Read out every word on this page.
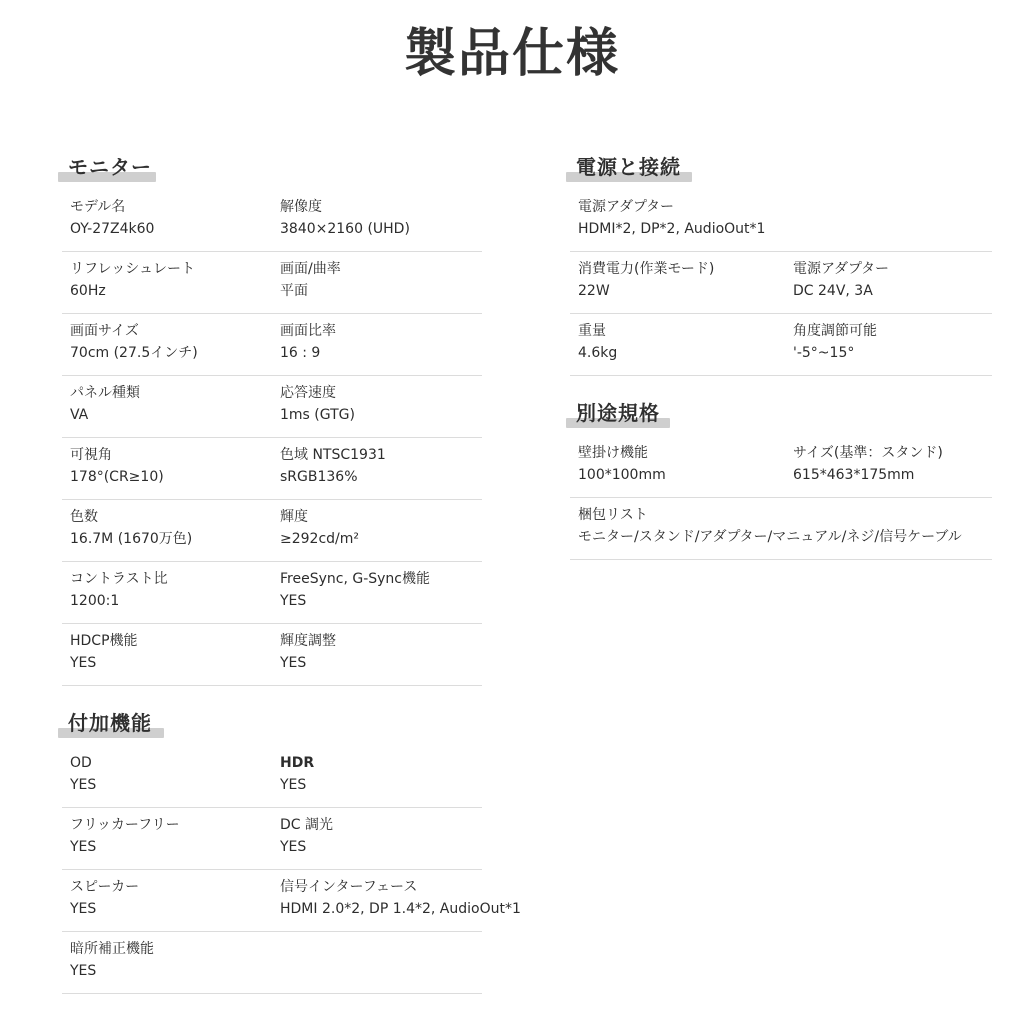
製品仕様
モニター
モデル名
OY-27Z4k60
解像度
3840×2160 (UHD)
リフレッシュレート
60Hz
画面/曲率
平面
画面サイズ
70cm (27.5インチ)
画面比率
16 : 9
パネル種類
VA
応答速度
1ms (GTG)
可視角
178°(CR≥10)
色域 NTSC1931
sRGB136%
色数
16.7M (1670万色)
輝度
≥292cd/m²
コントラスト比
1200:1
FreeSync, G-Sync機能
YES
HDCP機能
YES
輝度調整
YES
付加機能
OD
YES
HDR
YES
フリッカーフリー
YES
DC 調光
YES
スピーカー
YES
信号インターフェース
HDMI 2.0*2, DP 1.4*2, AudioOut*1
暗所補正機能
YES
電源と接続
電源アダプター
HDMI*2, DP*2, AudioOut*1
消費電力(作業モード)
22W
電源アダプター
DC 24V, 3A
重量
4.6kg
角度調節可能
'-5°~15°
別途規格
壁掛け機能
100*100mm
サイズ(基準：スタンド)
615*463*175mm
梱包リスト
モニター/スタンド/アダプター/マニュアル/ネジ/信号ケーブル
